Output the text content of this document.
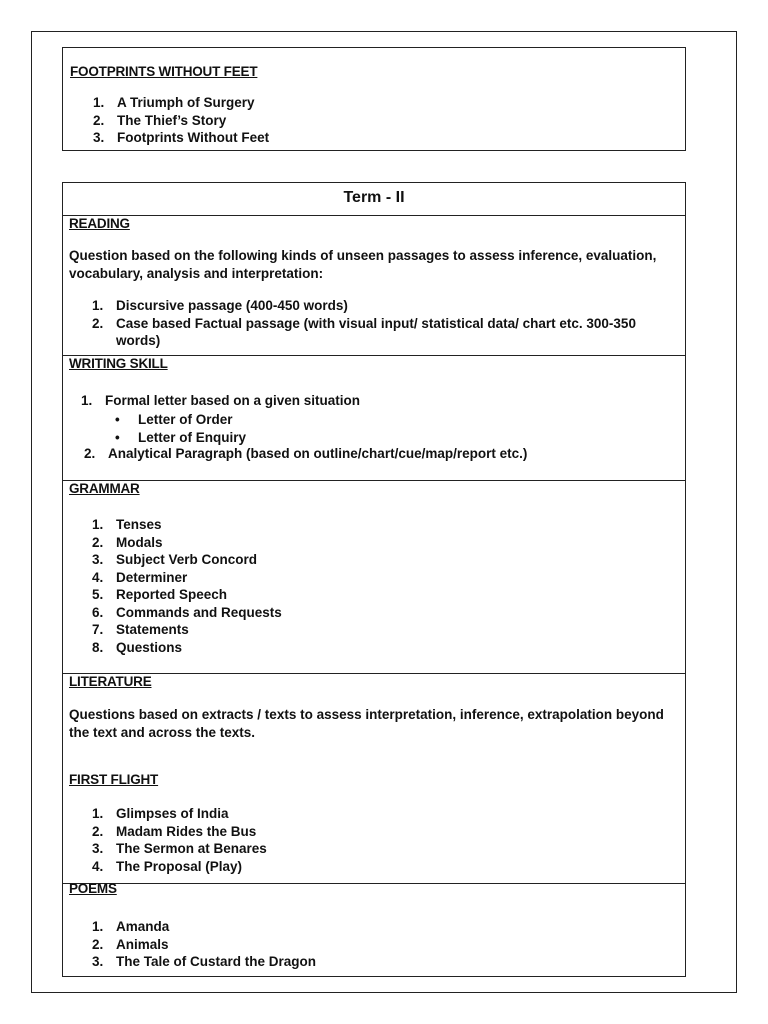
FOOTPRINTS WITHOUT FEET
1. A Triumph of Surgery
2. The Thief’s Story
3. Footprints Without Feet
Term - II
READING
Question based on the following kinds of unseen passages to assess inference, evaluation, vocabulary, analysis and interpretation:
1. Discursive passage (400-450 words)
2. Case based Factual passage (with visual input/ statistical data/ chart etc. 300-350 words)
WRITING SKILL
1. Formal letter based on a given situation
• Letter of Order
• Letter of Enquiry
2. Analytical Paragraph (based on outline/chart/cue/map/report etc.)
GRAMMAR
1. Tenses
2. Modals
3. Subject Verb Concord
4. Determiner
5. Reported Speech
6. Commands and Requests
7. Statements
8. Questions
LITERATURE
Questions based on extracts / texts to assess interpretation, inference, extrapolation beyond the text and across the texts.
FIRST FLIGHT
1. Glimpses of India
2. Madam Rides the Bus
3. The Sermon at Benares
4. The Proposal (Play)
POEMS
1. Amanda
2. Animals
3. The Tale of Custard the Dragon
